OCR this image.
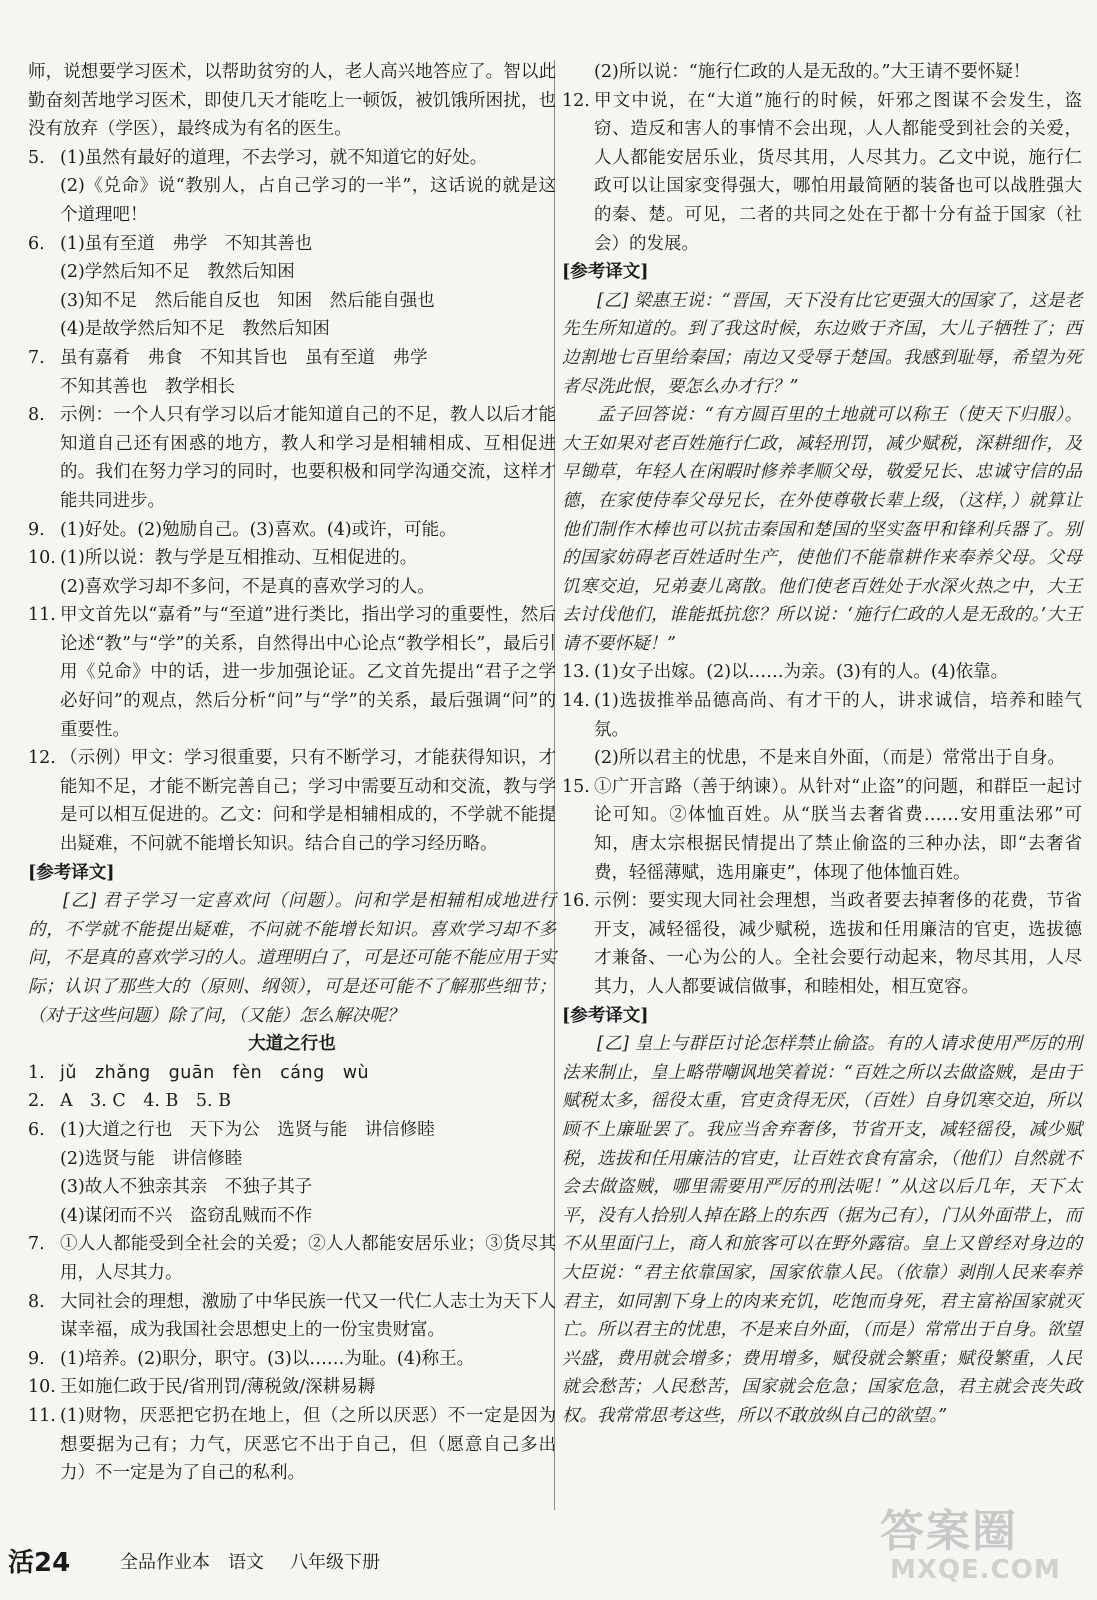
师，说想要学习医术，以帮助贫穷的人，老人高兴地答应了。智以此勤奋刻苦地学习医术，即使几天才能吃上一顿饭，被饥饿所困扰，也没有放弃（学医），最终成为有名的医生。

5. (1)虽然有最好的道理，不去学习，就不知道它的好处。
(2)《兑命》说“教别人，占自己学习的一半”，这话说的就是这个道理吧！
6. (1)虽有至道　弗学　不知其善也
(2)学然后知不足　教然后知困
(3)知不足　然后能自反也　知困　然后能自强也
(4)是故学然后知不足　教然后知困
7. 虽有嘉肴　弗食　不知其旨也　虽有至道　弗学
不知其善也　教学相长
8. 示例：一个人只有学习以后才能知道自己的不足，教人以后才能知道自己还有困惑的地方，教人和学习是相辅相成、互相促进的。我们在努力学习的同时，也要积极和同学沟通交流，这样才能共同进步。
9. (1)好处。(2)勉励自己。(3)喜欢。(4)或许，可能。
10. (1)所以说：教与学是互相推动、互相促进的。
(2)喜欢学习却不多问，不是真的喜欢学习的人。
11. 甲文首先以“嘉肴”与“至道”进行类比，指出学习的重要性，然后论述“教”与“学”的关系，自然得出中心论点“教学相长”，最后引用《兑命》中的话，进一步加强论证。乙文首先提出“君子之学必好问”的观点，然后分析“问”与“学”的关系，最后强调“问”的重要性。
12. （示例）甲文：学习很重要，只有不断学习，才能获得知识，才能知不足，才能不断完善自己；学习中需要互动和交流，教与学是可以相互促进的。乙文：问和学是相辅相成的，不学就不能提出疑难，不问就不能增长知识。结合自己的学习经历略。

[参考译文]

[乙] 君子学习一定喜欢问（问题）。问和学是相辅相成地进行的，不学就不能提出疑难，不问就不能增长知识。喜欢学习却不多问，不是真的喜欢学习的人。道理明白了，可是还可能不能应用于实际；认识了那些大的（原则、纲领），可是还可能不了解那些细节；（对于这些问题）除了问，（又能）怎么解决呢？

大道之行也

1. jǔ　zhǎng　guān　fèn　cáng　wù
2. A　3. C　4. B　5. B
6. (1)大道之行也　天下为公　选贤与能　讲信修睦
(2)选贤与能　讲信修睦
(3)故人不独亲其亲　不独子其子
(4)谋闭而不兴　盗窃乱贼而不作
7. ①人人都能受到全社会的关爱；②人人都能安居乐业；③货尽其用，人尽其力。
8. 大同社会的理想，激励了中华民族一代又一代仁人志士为天下人谋幸福，成为我国社会思想史上的一份宝贵财富。
9. (1)培养。(2)职分，职守。(3)以……为耻。(4)称王。
10. 王如施仁政于民/省刑罚/薄税敛/深耕易耨
11. (1)财物，厌恶把它扔在地上，但（之所以厌恶）不一定是因为想要据为己有；力气，厌恶它不出于自己，但（愿意自己多出力）不一定是为了自己的私利。
(2)所以说：“施行仁政的人是无敌的。”大王请不要怀疑！
12. 甲文中说，在“大道”施行的时候，奸邪之图谋不会发生，盗窃、造反和害人的事情不会出现，人人都能受到社会的关爱，人人都能安居乐业，货尽其用，人尽其力。乙文中说，施行仁政可以让国家变得强大，哪怕用最简陋的装备也可以战胜强大的秦、楚。可见，二者的共同之处在于都十分有益于国家（社会）的发展。

[参考译文]

[乙] 梁惠王说：“晋国，天下没有比它更强大的国家了，这是老先生所知道的。到了我这时候，东边败于齐国，大儿子牺牲了；西边割地七百里给秦国；南边又受辱于楚国。我感到耻辱，希望为死者尽洗此恨，要怎么办才行？”

孟子回答说：“有方圆百里的土地就可以称王（使天下归服）。大王如果对老百姓施行仁政，减轻刑罚，减少赋税，深耕细作，及早锄草，年轻人在闲暇时修养孝顺父母，敬爱兄长、忠诚守信的品德，在家使侍奉父母兄长，在外使尊敬长辈上级，（这样，）就算让他们制作木棒也可以抗击秦国和楚国的坚实盔甲和锋利兵器了。别的国家妨碍老百姓适时生产，使他们不能靠耕作来奉养父母。父母饥寒交迫，兄弟妻儿离散。他们使老百姓处于水深火热之中，大王去讨伐他们，谁能抵抗您？所以说：‘施行仁政的人是无敌的。’大王请不要怀疑！”

13. (1)女子出嫁。(2)以……为亲。(3)有的人。(4)依靠。
14. (1)选拔推举品德高尚、有才干的人，讲求诚信，培养和睦气氛。
(2)所以君主的忧患，不是来自外面，（而是）常常出于自身。
15. ①广开言路（善于纳谏）。从针对“止盗”的问题，和群臣一起讨论可知。②体恤百姓。从“朕当去奢省费……安用重法邪”可知，唐太宗根据民情提出了禁止偷盗的三种办法，即“去奢省费，轻徭薄赋，选用廉吏”，体现了他体恤百姓。
16. 示例：要实现大同社会理想，当政者要去掉奢侈的花费，节省开支，减轻徭役，减少赋税，选拔和任用廉洁的官吏，选拔德才兼备、一心为公的人。全社会要行动起来，物尽其用，人尽其力，人人都要诚信做事，和睦相处，相互宽容。

[参考译文]

[乙] 皇上与群臣讨论怎样禁止偷盗。有的人请求使用严厉的刑法来制止，皇上略带嘲讽地笑着说：“百姓之所以去做盗贼，是由于赋税太多，徭役太重，官吏贪得无厌，（百姓）自身饥寒交迫，所以顾不上廉耻罢了。我应当舍弃奢侈，节省开支，减轻徭役，减少赋税，选拔和任用廉洁的官吏，让百姓衣食有富余，（他们）自然就不会去做盗贼，哪里需要用严厉的刑法呢！”从这以后几年，天下太平，没有人拾别人掉在路上的东西（据为己有），门从外面带上，而不从里面闩上，商人和旅客可以在野外露宿。皇上又曾经对身边的大臣说：“君主依靠国家，国家依靠人民。（依靠）剥削人民来奉养君主，如同割下身上的肉来充饥，吃饱而身死，君主富裕国家就灭亡。所以君主的忧患，不是来自外面，（而是）常常出于自身。欲望兴盛，费用就会增多；费用增多，赋役就会繁重；赋役繁重，人民就会愁苦；人民愁苦，国家就会危急；国家危急，君主就会丧失政权。我常常思考这些，所以不敢放纵自己的欲望。”

活24	全品作业本 语文 八年级下册
答案圈
MXQE.COM
